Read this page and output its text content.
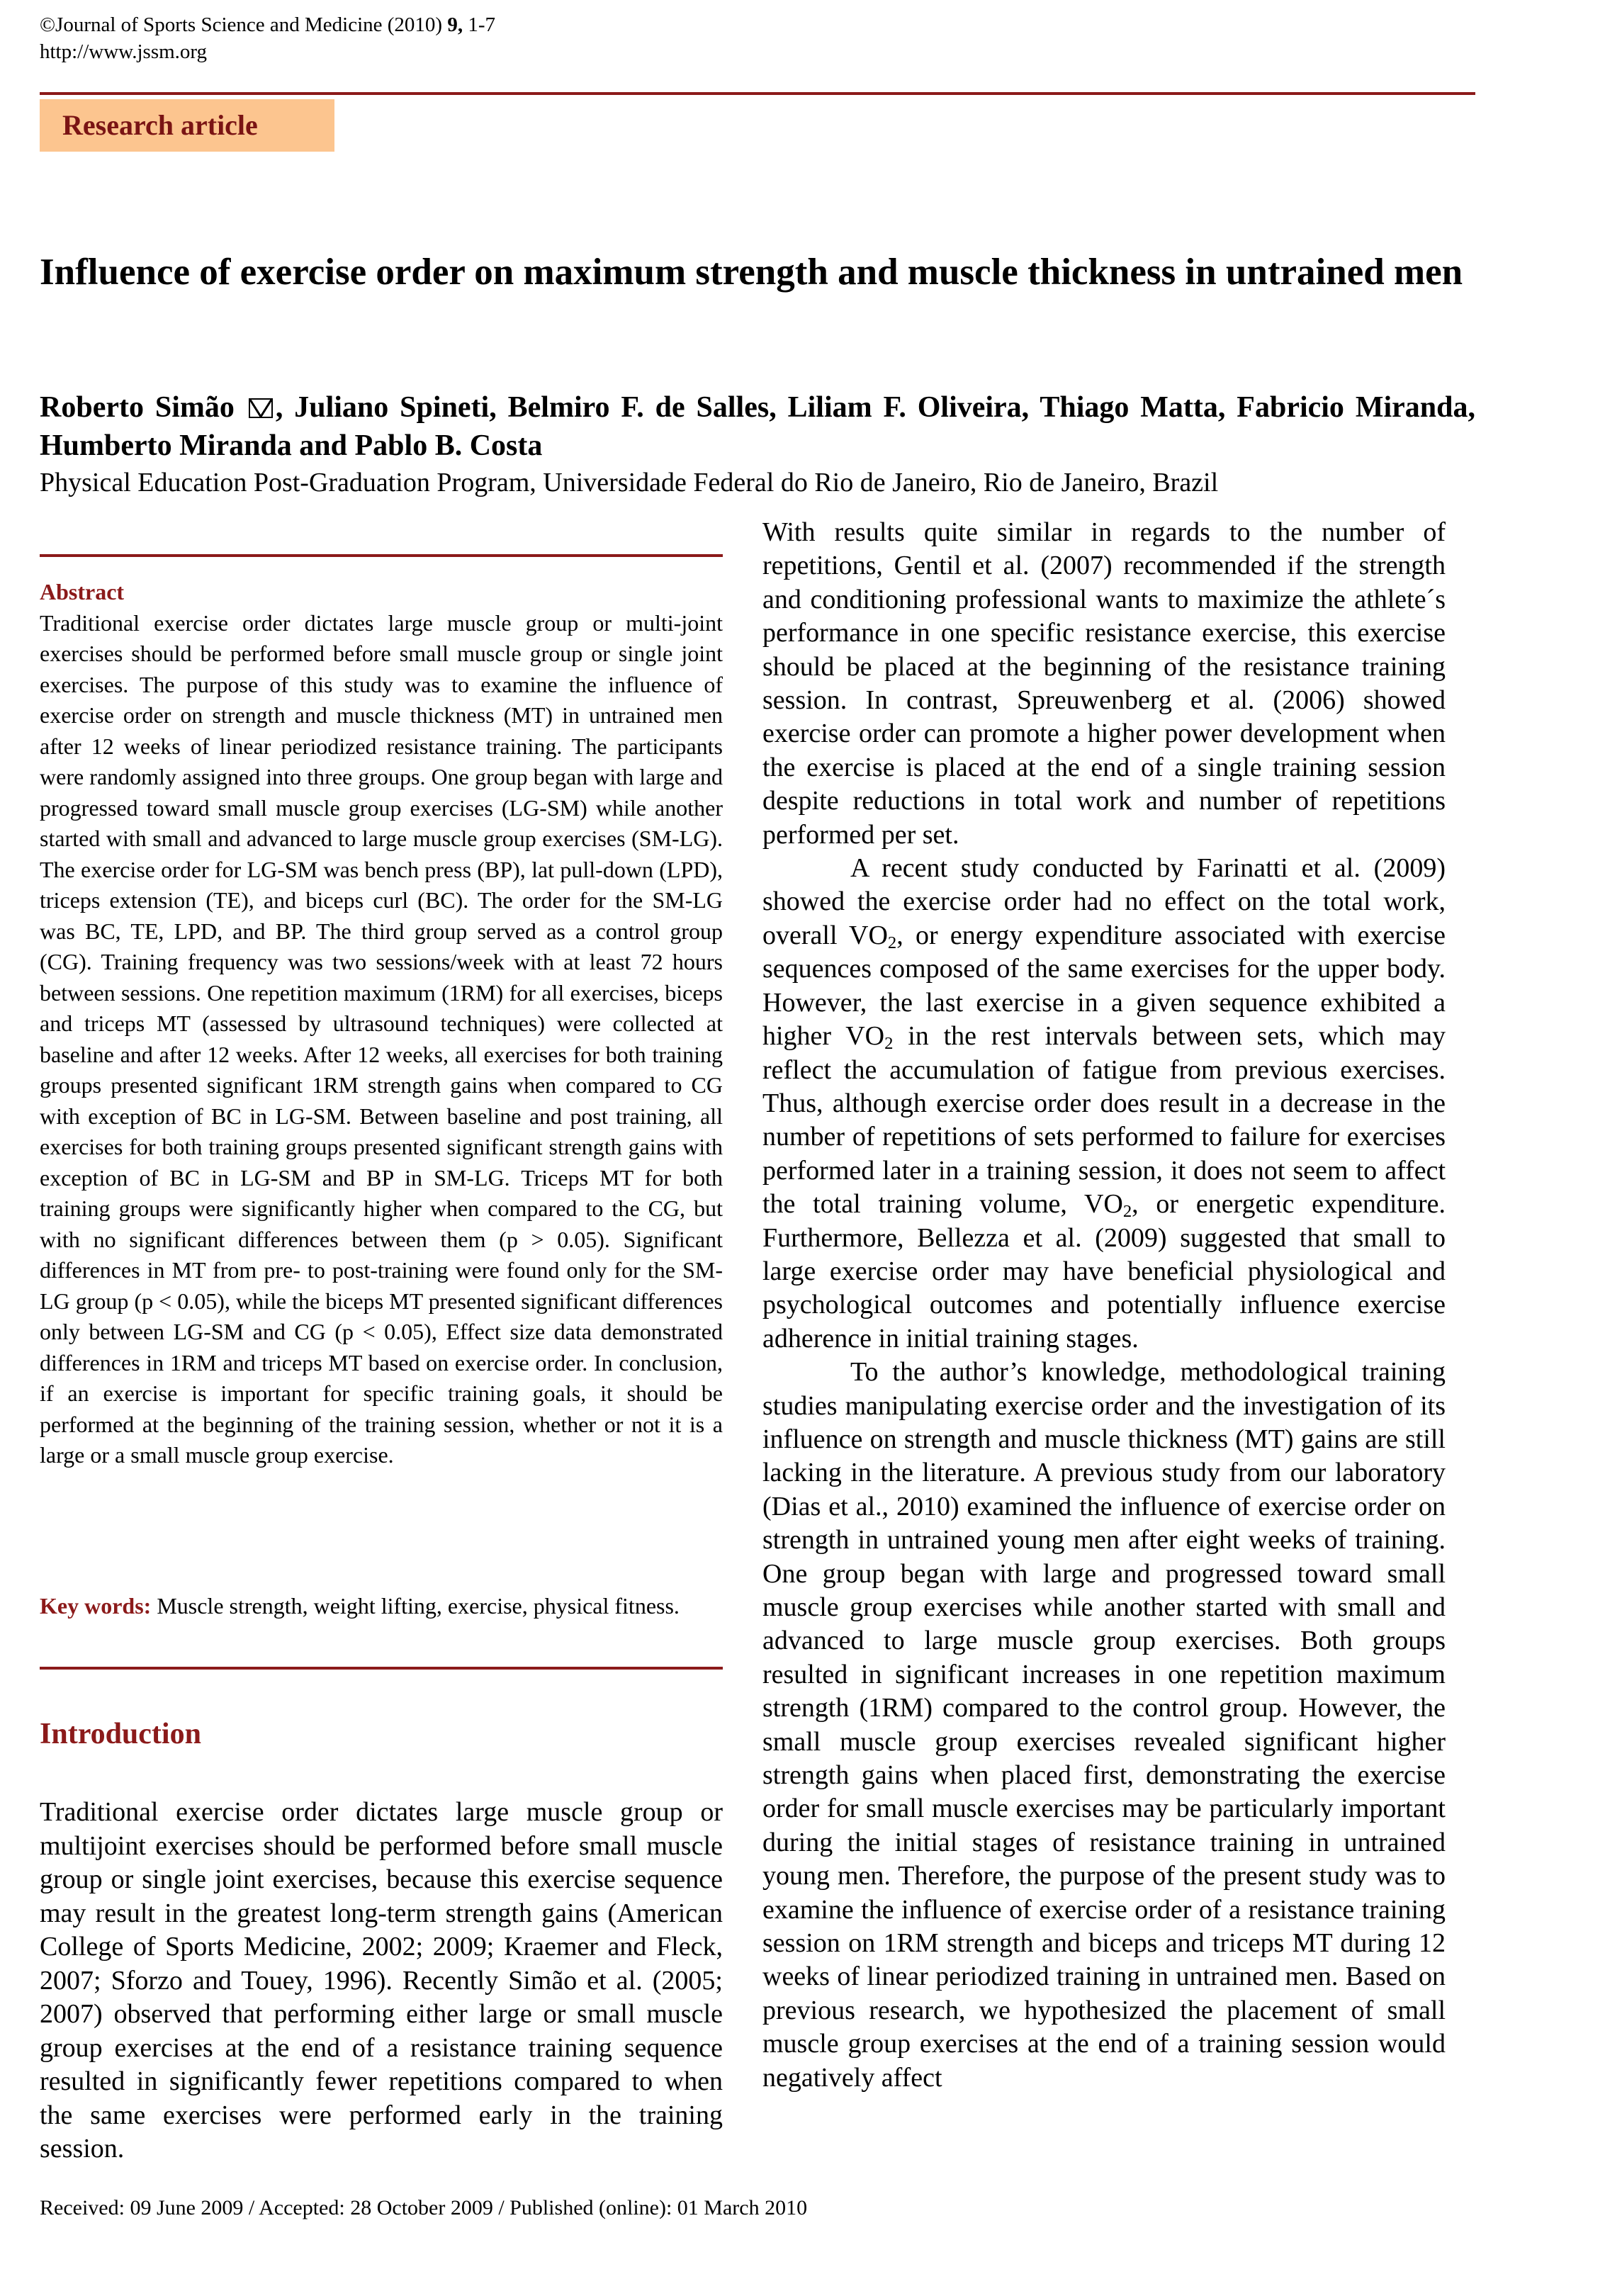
©Journal of Sports Science and Medicine (2010) 9, 1-7
http://www.jssm.org
Research article
Influence of exercise order on maximum strength and muscle thickness in untrained men
Roberto Simão , Juliano Spineti, Belmiro F. de Salles, Liliam F. Oliveira, Thiago Matta, Fabricio Miranda, Humberto Miranda and Pablo B. Costa
Physical Education Post-Graduation Program, Universidade Federal do Rio de Janeiro, Rio de Janeiro, Brazil
Abstract
Traditional exercise order dictates large muscle group or multi-joint exercises should be performed before small muscle group or single joint exercises. The purpose of this study was to examine the influence of exercise order on strength and muscle thickness (MT) in untrained men after 12 weeks of linear periodized resistance training. The participants were randomly assigned into three groups. One group began with large and progressed toward small muscle group exercises (LG-SM) while another started with small and advanced to large muscle group exercises (SM-LG). The exercise order for LG-SM was bench press (BP), lat pull-down (LPD), triceps extension (TE), and biceps curl (BC). The order for the SM-LG was BC, TE, LPD, and BP. The third group served as a control group (CG). Training frequency was two sessions/week with at least 72 hours between sessions. One repetition maximum (1RM) for all exercises, biceps and triceps MT (assessed by ultrasound techniques) were collected at baseline and after 12 weeks. After 12 weeks, all exercises for both training groups presented significant 1RM strength gains when compared to CG with exception of BC in LG-SM. Between baseline and post training, all exercises for both training groups presented significant strength gains with exception of BC in LG-SM and BP in SM-LG. Triceps MT for both training groups were significantly higher when compared to the CG, but with no significant differences between them (p > 0.05). Significant differences in MT from pre- to post-training were found only for the SM-LG group (p < 0.05), while the biceps MT presented significant differences only between LG-SM and CG (p < 0.05), Effect size data demonstrated differences in 1RM and triceps MT based on exercise order. In conclusion, if an exercise is important for specific training goals, it should be performed at the beginning of the training session, whether or not it is a large or a small muscle group exercise.
Key words: Muscle strength, weight lifting, exercise, physical fitness.
Introduction
Traditional exercise order dictates large muscle group or multijoint exercises should be performed before small muscle group or single joint exercises, because this exercise sequence may result in the greatest long-term strength gains (American College of Sports Medicine, 2002; 2009; Kraemer and Fleck, 2007; Sforzo and Touey, 1996). Recently Simão et al. (2005; 2007) observed that performing either large or small muscle group exercises at the end of a resistance training sequence resulted in significantly fewer repetitions compared to when the same exercises were performed early in the training session.

With results quite similar in regards to the number of repetitions, Gentil et al. (2007) recommended if the strength and conditioning professional wants to maximize the athlete´s performance in one specific resistance exercise, this exercise should be placed at the beginning of the resistance training session. In contrast, Spreuwenberg et al. (2006) showed exercise order can promote a higher power development when the exercise is placed at the end of a single training session despite reductions in total work and number of repetitions performed per set.

A recent study conducted by Farinatti et al. (2009) showed the exercise order had no effect on the total work, overall $VO_2$, or energy expenditure associated with exercise sequences composed of the same exercises for the upper body. However, the last exercise in a given sequence exhibited a higher $VO_2$ in the rest intervals between sets, which may reflect the accumulation of fatigue from previous exercises. Thus, although exercise order does result in a decrease in the number of repetitions of sets performed to failure for exercises performed later in a training session, it does not seem to affect the total training volume, $VO_2$, or energetic expenditure. Furthermore, Bellezza et al. (2009) suggested that small to large exercise order may have beneficial physiological and psychological outcomes and potentially influence exercise adherence in initial training stages.

To the author’s knowledge, methodological training studies manipulating exercise order and the investigation of its influence on strength and muscle thickness (MT) gains are still lacking in the literature. A previous study from our laboratory (Dias et al., 2010) examined the influence of exercise order on strength in untrained young men after eight weeks of training. One group began with large and progressed toward small muscle group exercises while another started with small and advanced to large muscle group exercises. Both groups resulted in significant increases in one repetition maximum strength (1RM) compared to the control group. However, the small muscle group exercises revealed significant higher strength gains when placed first, demonstrating the exercise order for small muscle exercises may be particularly important during the initial stages of resistance training in untrained young men. Therefore, the purpose of the present study was to examine the influence of exercise order of a resistance training session on 1RM strength and biceps and triceps MT during 12 weeks of linear periodized training in untrained men. Based on previous research, we hypothesized the placement of small muscle group exercises at the end of a training session would negatively affect

Received: 09 June 2009 / Accepted: 28 October 2009 / Published (online): 01 March 2010
